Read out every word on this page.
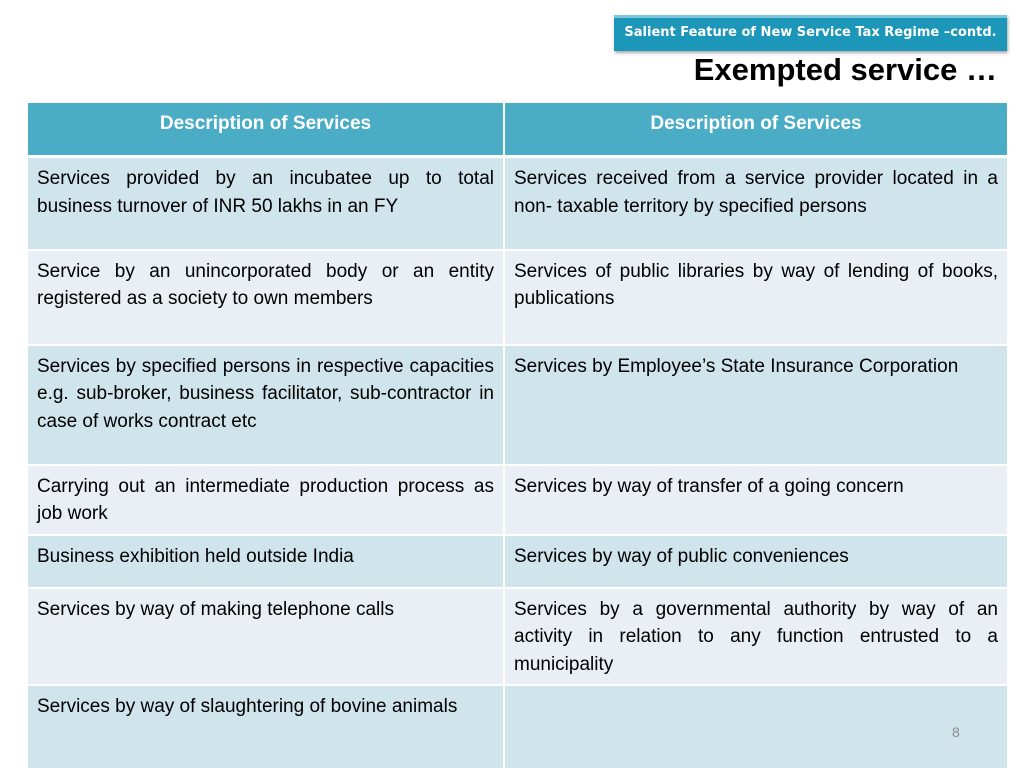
Salient Feature of New Service Tax Regime –contd.
Exempted service …
Description of Services	Description of Services
Services provided by an incubatee up to total business turnover of INR 50 lakhs in an FY	Services received from a service provider located in a non- taxable territory by specified persons
Service by an unincorporated body or an entity registered as a society to own members	Services of public libraries by way of lending of books, publications
Services by specified persons in respective capacities e.g. sub-broker, business facilitator, sub-contractor in case of works contract etc	Services by Employee’s State Insurance Corporation
Carrying out an intermediate production process as job work	Services by way of transfer of a going concern
Business exhibition held outside India	Services by way of public conveniences
Services by way of making telephone calls	Services by a governmental authority by way of an activity in relation to any function entrusted to a municipality
Services by way of slaughtering of bovine animals	
8
